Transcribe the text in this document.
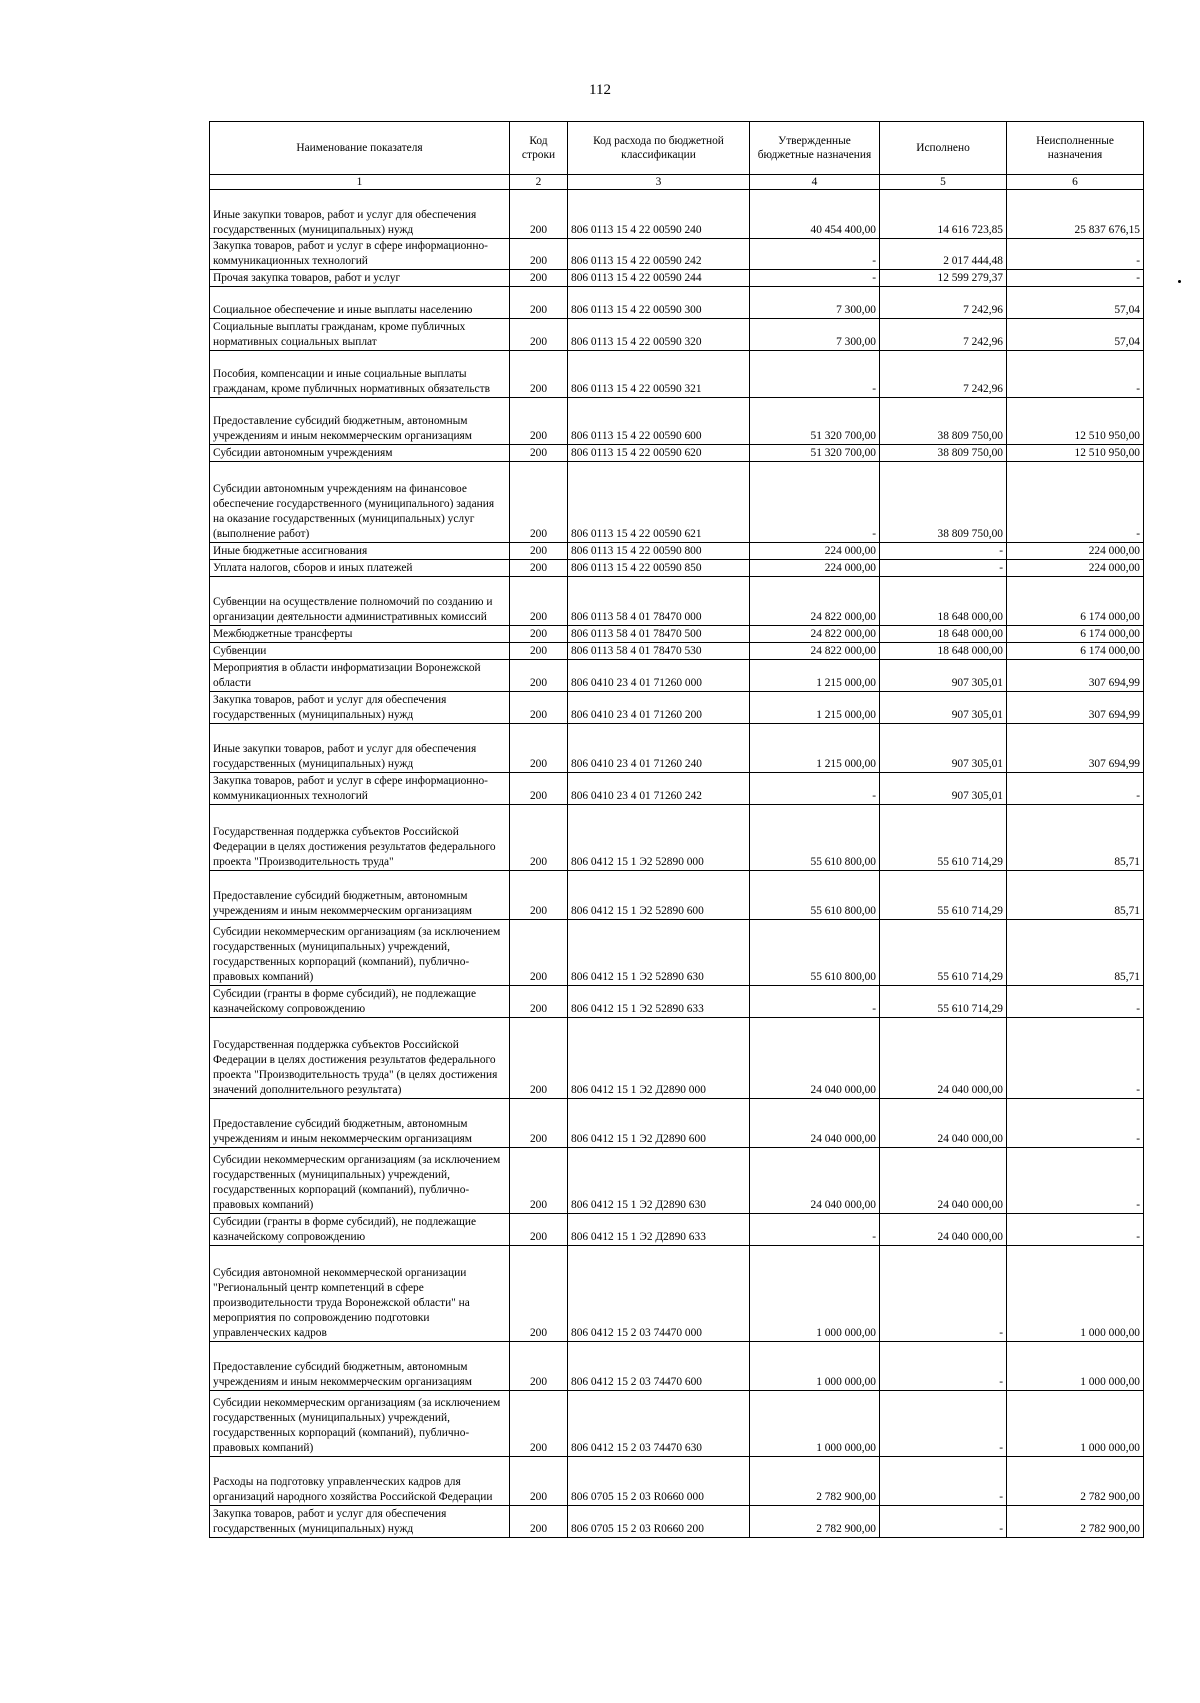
112
Наименование показателя	Код строки	Код расхода по бюджетной классификации	Утвержденные бюджетные назначения	Исполнено	Неисполненные назначения
1	2	3	4	5	6
Иные закупки товаров, работ и услуг для обеспечения государственных (муниципальных) нужд	200	806 0113 15 4 22 00590 240	40 454 400,00	14 616 723,85	25 837 676,15
Закупка товаров, работ и услуг в сфере информационно-коммуникационных технологий	200	806 0113 15 4 22 00590 242	-	2 017 444,48	-
Прочая закупка товаров, работ и услуг	200	806 0113 15 4 22 00590 244	-	12 599 279,37	-
Социальное обеспечение и иные выплаты населению	200	806 0113 15 4 22 00590 300	7 300,00	7 242,96	57,04
Социальные выплаты гражданам, кроме публичных нормативных социальных выплат	200	806 0113 15 4 22 00590 320	7 300,00	7 242,96	57,04
Пособия, компенсации и иные социальные выплаты гражданам, кроме публичных нормативных обязательств	200	806 0113 15 4 22 00590 321	-	7 242,96	-
Предоставление субсидий бюджетным, автономным учреждениям и иным некоммерческим организациям	200	806 0113 15 4 22 00590 600	51 320 700,00	38 809 750,00	12 510 950,00
Субсидии автономным учреждениям	200	806 0113 15 4 22 00590 620	51 320 700,00	38 809 750,00	12 510 950,00
Субсидии автономным учреждениям на финансовое обеспечение государственного (муниципального) задания на оказание государственных (муниципальных) услуг (выполнение работ)	200	806 0113 15 4 22 00590 621	-	38 809 750,00	-
Иные бюджетные ассигнования	200	806 0113 15 4 22 00590 800	224 000,00	-	224 000,00
Уплата налогов, сборов и иных платежей	200	806 0113 15 4 22 00590 850	224 000,00	-	224 000,00
Субвенции на осуществление полномочий по созданию и организации деятельности административных комиссий	200	806 0113 58 4 01 78470 000	24 822 000,00	18 648 000,00	6 174 000,00
Межбюджетные трансферты	200	806 0113 58 4 01 78470 500	24 822 000,00	18 648 000,00	6 174 000,00
Субвенции	200	806 0113 58 4 01 78470 530	24 822 000,00	18 648 000,00	6 174 000,00
Мероприятия в области информатизации Воронежской области	200	806 0410 23 4 01 71260 000	1 215 000,00	907 305,01	307 694,99
Закупка товаров, работ и услуг для обеспечения государственных (муниципальных) нужд	200	806 0410 23 4 01 71260 200	1 215 000,00	907 305,01	307 694,99
Иные закупки товаров, работ и услуг для обеспечения государственных (муниципальных) нужд	200	806 0410 23 4 01 71260 240	1 215 000,00	907 305,01	307 694,99
Закупка товаров, работ и услуг в сфере информационно-коммуникационных технологий	200	806 0410 23 4 01 71260 242	-	907 305,01	-
Государственная поддержка субъектов Российской Федерации в целях достижения результатов федерального проекта "Производительность труда"	200	806 0412 15 1 Э2 52890 000	55 610 800,00	55 610 714,29	85,71
Предоставление субсидий бюджетным, автономным учреждениям и иным некоммерческим организациям	200	806 0412 15 1 Э2 52890 600	55 610 800,00	55 610 714,29	85,71
Субсидии некоммерческим организациям (за исключением государственных (муниципальных) учреждений, государственных корпораций (компаний), публично-правовых компаний)	200	806 0412 15 1 Э2 52890 630	55 610 800,00	55 610 714,29	85,71
Субсидии (гранты в форме субсидий), не подлежащие казначейскому сопровождению	200	806 0412 15 1 Э2 52890 633	-	55 610 714,29	-
Государственная поддержка субъектов Российской Федерации в целях достижения результатов федерального проекта "Производительность труда" (в целях достижения значений дополнительного результата)	200	806 0412 15 1 Э2 Д2890 000	24 040 000,00	24 040 000,00	-
Предоставление субсидий бюджетным, автономным учреждениям и иным некоммерческим организациям	200	806 0412 15 1 Э2 Д2890 600	24 040 000,00	24 040 000,00	-
Субсидии некоммерческим организациям (за исключением государственных (муниципальных) учреждений, государственных корпораций (компаний), публично-правовых компаний)	200	806 0412 15 1 Э2 Д2890 630	24 040 000,00	24 040 000,00	-
Субсидии (гранты в форме субсидий), не подлежащие казначейскому сопровождению	200	806 0412 15 1 Э2 Д2890 633	-	24 040 000,00	-
Субсидия автономной некоммерческой организации "Региональный центр компетенций в сфере производительности труда Воронежской области" на мероприятия по сопровождению подготовки управленческих кадров	200	806 0412 15 2 03 74470 000	1 000 000,00	-	1 000 000,00
Предоставление субсидий бюджетным, автономным учреждениям и иным некоммерческим организациям	200	806 0412 15 2 03 74470 600	1 000 000,00	-	1 000 000,00
Субсидии некоммерческим организациям (за исключением государственных (муниципальных) учреждений, государственных корпораций (компаний), публично-правовых компаний)	200	806 0412 15 2 03 74470 630	1 000 000,00	-	1 000 000,00
Расходы на подготовку управленческих кадров для организаций народного хозяйства Российской Федерации	200	806 0705 15 2 03 R0660 000	2 782 900,00	-	2 782 900,00
Закупка товаров, работ и услуг для обеспечения государственных (муниципальных) нужд	200	806 0705 15 2 03 R0660 200	2 782 900,00	-	2 782 900,00
